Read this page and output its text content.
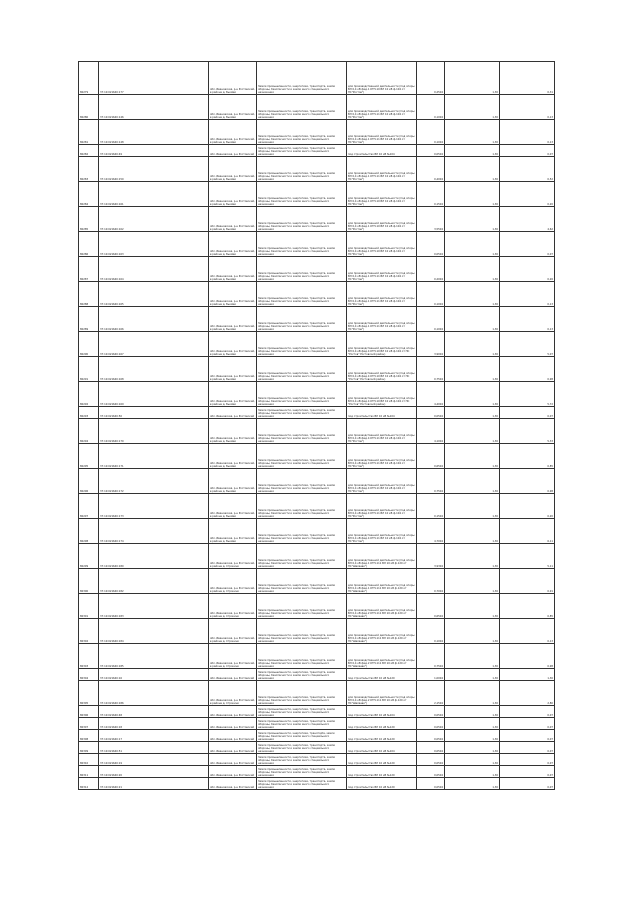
80279	37:10:021640:177	обл. Ивановская, р-н Ростовский, в районе д. Бычёво	Земли промышленности, энергетики, транспорта, земли обороны, безопасности и земли иного специального назначения	для производственной деятельности (под опоры ВЛ 0,4 кВ фид.1 КТП-10 ВЛ 10 кВ ф.104 от ПС"Ростов")	0,2504	1,30	0,31
80280	37:10:021640:146	обл. Ивановская, р-н Ростовский, в районе д. Бычёво	Земли промышленности, энергетики, транспорта, земли обороны, безопасности и земли иного специального назначения	для производственной деятельности (под опоры ВЛ 0,4 кВ фид.1 КТП-11 ВЛ 10 кВ ф.104 от ПС"Ростов")	0,1004	1,30	0,13
80281	37:10:021640:148	обл. Ивановская, р-н Ростовский, в районе д. Бычёво	Земли промышленности, энергетики, транспорта, земли обороны, безопасности и земли иного специального назначения	для производственной деятельности (под опоры ВЛ 0,4 кВ фид.1 КТП-11 ВЛ 10 кВ ф.104 от ПС"Ростов")	0,1004	1,30	0,13
80282	37:10:021640:49	обл. Ивановская, р-н Ростовский	Земли промышленности, энергетики, транспорта, земли обороны, безопасности и земли иного специального назначения	под строительство ВЛ 10 кВ №104	0,0504	1,30	0,07
80283	37:10:021640:150	обл. Ивановская, р-н Ростовский, в районе д. Бычёво	Земли промышленности, энергетики, транспорта, земли обороны, безопасности и земли иного специального назначения	для производственной деятельности (под опоры ВЛ 0,4 кВ фид.1 КТП-11 ВЛ 10 кВ ф.104 от ПС"Ростов")	0,4004	1,30	0,52
80284	37:10:021640:161	обл. Ивановская, р-н Ростовский, в районе д. Бычёво	Земли промышленности, энергетики, транспорта, земли обороны, безопасности и земли иного специального назначения	для производственной деятельности (под опоры ВЛ 0,4 кВ фид.1 КТП-10 ВЛ 10 кВ ф.104 от ПС"Ростов")	0,1504	1,30	0,20
80285	37:10:021640:162	обл. Ивановская, р-н Ростовский, в районе д. Бычёво	Земли промышленности, энергетики, транспорта, земли обороны, безопасности и земли иного специального назначения	для производственной деятельности (под опоры ВЛ 0,4 кВ фид.1 КТП-10 ВЛ 10 кВ ф.104 от ПС"Ростов")	3,5504	1,30	4,62
80286	37:10:021640:163	обл. Ивановская, р-н Ростовский, в районе д. Бычёво	Земли промышленности, энергетики, транспорта, земли обороны, безопасности и земли иного специального назначения	для производственной деятельности (под опоры ВЛ 0,4 кВ фид.1 КТП-10 ВЛ 10 кВ ф.104 от ПС"Ростов")	0,0504	1,30	0,07
80287	37:10:021640:164	обл. Ивановская, р-н Ростовский, в районе д. Бычёво	Земли промышленности, энергетики, транспорта, земли обороны, безопасности и земли иного специального назначения	для производственной деятельности (под опоры ВЛ 0,4 кВ фид.1 КТП-11 ВЛ 10 кВ ф.104 от ПС"Ростов")	0,2004	1,30	0,26
80288	37:10:021640:165	обл. Ивановская, р-н Ростовский, в районе д. Бычёво	Земли промышленности, энергетики, транспорта, земли обороны, безопасности и земли иного специального назначения	для производственной деятельности (под опоры ВЛ 0,4 кВ фид.1 КТП-11 ВЛ 10 кВ ф.104 от ПС"Ростов")	0,1004	1,30	0,13
80289	37:10:021640:166	обл. Ивановская, р-н Ростовский, в районе д. Бычёво	Земли промышленности, энергетики, транспорта, земли обороны, безопасности и земли иного специального назначения	для производственной деятельности (под опоры ВЛ 0,4 кВ фид.1 КТП-11 ВЛ 10 кВ ф.104 от ПС"Ростов")	0,1004	1,30	0,13
80290	37:10:021640:167	обл. Ивановская, р-н Ростовский, в районе д. Бычёво	Земли промышленности, энергетики, транспорта, земли обороны, безопасности и земли иного специального назначения	для производственной деятельности (под опоры ВЛ 0,4 кВ фид.4 КТП-10 ВЛ 10 кВ ф.104 от ПС "Ростов" Ростовский район)	3,9004	1,30	5,07
80291	37:10:021640:168	обл. Ивановская, р-н Ростовский, в районе д. Бычёво	Земли промышленности, энергетики, транспорта, земли обороны, безопасности и земли иного специального назначения	для производственной деятельности (под опоры ВЛ 0,4 кВ фид.4 КТП-10 ВЛ 10 кВ ф.104 от ПС "Ростов" Ростовский район)	0,7504	1,30	0,98
80292	37:10:021640:169	обл. Ивановская, р-н Ростовский, в районе д. Бычёво	Земли промышленности, энергетики, транспорта, земли обороны, безопасности и земли иного специального назначения	для производственной деятельности (под опоры ВЛ 0,4 кВ фид.4 КТП-10 ВЛ 10 кВ ф.104 от ПС "Ростов" Ростовский район)	4,4004	1,30	5,72
80293	37:10:021640:50	обл. Ивановская, р-н Ростовский	Земли промышленности, энергетики, транспорта, земли обороны, безопасности и земли иного специального назначения	под строительство ВЛ 10 кВ №104	0,0504	1,30	0,07
80294	37:10:021640:170	обл. Ивановская, р-н Ростовский, в районе д. Бычёво	Земли промышленности, энергетики, транспорта, земли обороны, безопасности и земли иного специального назначения	для производственной деятельности (под опоры ВЛ 0,4 кВ фид.4 КТП-11 ВЛ 10 кВ ф.104 от ПС"Ростов")	4,1004	1,30	5,33
80295	37:10:021640:171	обл. Ивановская, р-н Ростовский, в районе д. Бычёво	Земли промышленности, энергетики, транспорта, земли обороны, безопасности и земли иного специального назначения	для производственной деятельности (под опоры ВЛ 0,4 кВ фид.4 КТП-11 ВЛ 10 кВ ф.104 от ПС"Ростов")	0,6504	1,30	0,85
80296	37:10:021640:172	обл. Ивановская, р-н Ростовский, в районе д. Бычёво	Земли промышленности, энергетики, транспорта, земли обороны, безопасности и земли иного специального назначения	для производственной деятельности (под опоры ВЛ 0,4 кВ фид.4 КТП-11 ВЛ 10 кВ ф.104 от ПС"Ростов")	0,7504	1,30	0,98
80297	37:10:021640:173	обл. Ивановская, р-н Ростовский, в районе д. Бычёво	Земли промышленности, энергетики, транспорта, земли обороны, безопасности и земли иного специального назначения	для производственной деятельности (под опоры ВЛ 0,4 кВ фид.4 КТП-11 ВЛ 10 кВ ф.104 от ПС"Ростов")	0,1504	1,30	0,20
80298	37:10:021640:174	обл. Ивановская, р-н Ростовский, в районе д. Бычёво	Земли промышленности, энергетики, транспорта, земли обороны, безопасности и земли иного специального назначения	для производственной деятельности (под опоры ВЛ 0,4 кВ фид.4 КТП-11 ВЛ 10 кВ ф.104 от ПС"Ростов")	4,7004	1,30	6,11
80299	37:10:021640:180	обл. Ивановская, р-н Ростовский, в районе д. Строкино	Земли промышленности, энергетики, транспорта, земли обороны, безопасности и земли иного специального назначения	для производственной деятельности (под опоры ВЛ 0,4 кВ фид.1 КТП-111 ВЛ 10 кВ ф.120 от ПС"Шалаево")	3,9304	1,30	5,11
80300	37:10:021640:182	обл. Ивановская, р-н Ростовский, в районе д. Строкино	Земли промышленности, энергетики, транспорта, земли обороны, безопасности и земли иного специального назначения	для производственной деятельности (под опоры ВЛ 0,4 кВ фид.1 КТП-111 ВЛ 10 кВ ф.120 от ПС"Шалаево")	0,7004	1,30	0,91
80301	37:10:021640:183	обл. Ивановская, р-н Ростовский, в районе д. Строкино	Земли промышленности, энергетики, транспорта, земли обороны, безопасности и земли иного специального назначения	для производственной деятельности (под опоры ВЛ 0,4 кВ фид.2 КТП-111 ВЛ 10 кВ ф.120 от ПС"Шалаево")	0,6504	1,30	0,85
80302	37:10:021640:184	обл. Ивановская, р-н Ростовский, в районе д. Строкино	Земли промышленности, энергетики, транспорта, земли обороны, безопасности и земли иного специального назначения	для производственной деятельности (под опоры ВЛ 0,4 кВ фид.2 КТП-111 ВЛ 10 кВ ф.120 от ПС"Шалаево")	0,1004	1,30	0,13
80303	37:10:021640:185	обл. Ивановская, р-н Ростовский, в районе д. Строкино	Земли промышленности, энергетики, транспорта, земли обороны, безопасности и земли иного специального назначения	для производственной деятельности (под опоры ВЛ 0,4 кВ фид.2 КТП-111 ВЛ 10 кВ ф.120 от ПС"Шалаево")	0,7504	1,30	0,98
80304	37:10:021640:16	обл. Ивановская, р-н Ростовский	Земли промышленности, энергетики, транспорта, земли обороны, безопасности и земли иного специального назначения	под строительство ВЛ 10 кВ №120	1,0004	1,30	1,30
80305	37:10:021640:186	обл. Ивановская, р-н Ростовский, в районе д. Строкино	Земли промышленности, энергетики, транспорта, земли обороны, безопасности и земли иного специального назначения	для производственной деятельности (под опоры ВЛ 0,4 кВ фид.2 КТП-111 ВЛ 10 кВ ф.120 от ПС"Шалаево")	2,1504	1,30	2,80
80306	37:10:021640:48	обл. Ивановская, р-н Ростовский	Земли промышленности, энергетики, транспорта, земли обороны, безопасности и земли иного специального назначения	под строительство ВЛ 10 кВ №104	0,0504	1,30	0,07
80307	37:10:021640:18	обл. Ивановская, р-н Ростовский	Земли промышленности, энергетики, транспорта, земли обороны, безопасности и земли иного специального назначения	под строительство ВЛ 10 кВ №120	0,0504	1,30	0,07
80308	37:10:021640:17	обл. Ивановская, р-н Ростовский	Земли промышленности, энергетики, транспорta, земли обороны, безопасности и земли иного специального назначения	под строительство ВЛ 10 кВ №120	0,0504	1,30	0,07
80309	37:10:021640:51	обл. Ивановская, р-н Ростовский	Земли промышленности, энергетики, транспорта, земли обороны, безопасности и земли иного специального назначения	под строительство ВЛ 10 кВ №104	0,0504	1,30	0,07
80310	37:10:021640:19	обл. Ивановская, р-н Ростовский	Земли промышленности, энергетики, транспорта, земли обороны, безопасности и земли иного специального назначения	под строительство ВЛ 10 кВ №120	0,0504	1,30	0,07
80311	37:10:021640:20	обл. Ивановская, р-н Ростовский	Земли промышленности, энергетики, транспорта, земли обороны, безопасности и земли иного специального назначения	под строительство ВЛ 10 кВ №120	0,0504	1,30	0,07
80312	37:10:021640:21	обл. Ивановская, р-н Ростовский	Земли промышленности, энергетики, транспорта, земли обороны, безопасности и земли иного специального назначения	под строительство ВЛ 10 кВ №120	0,0504	1,30	0,07
